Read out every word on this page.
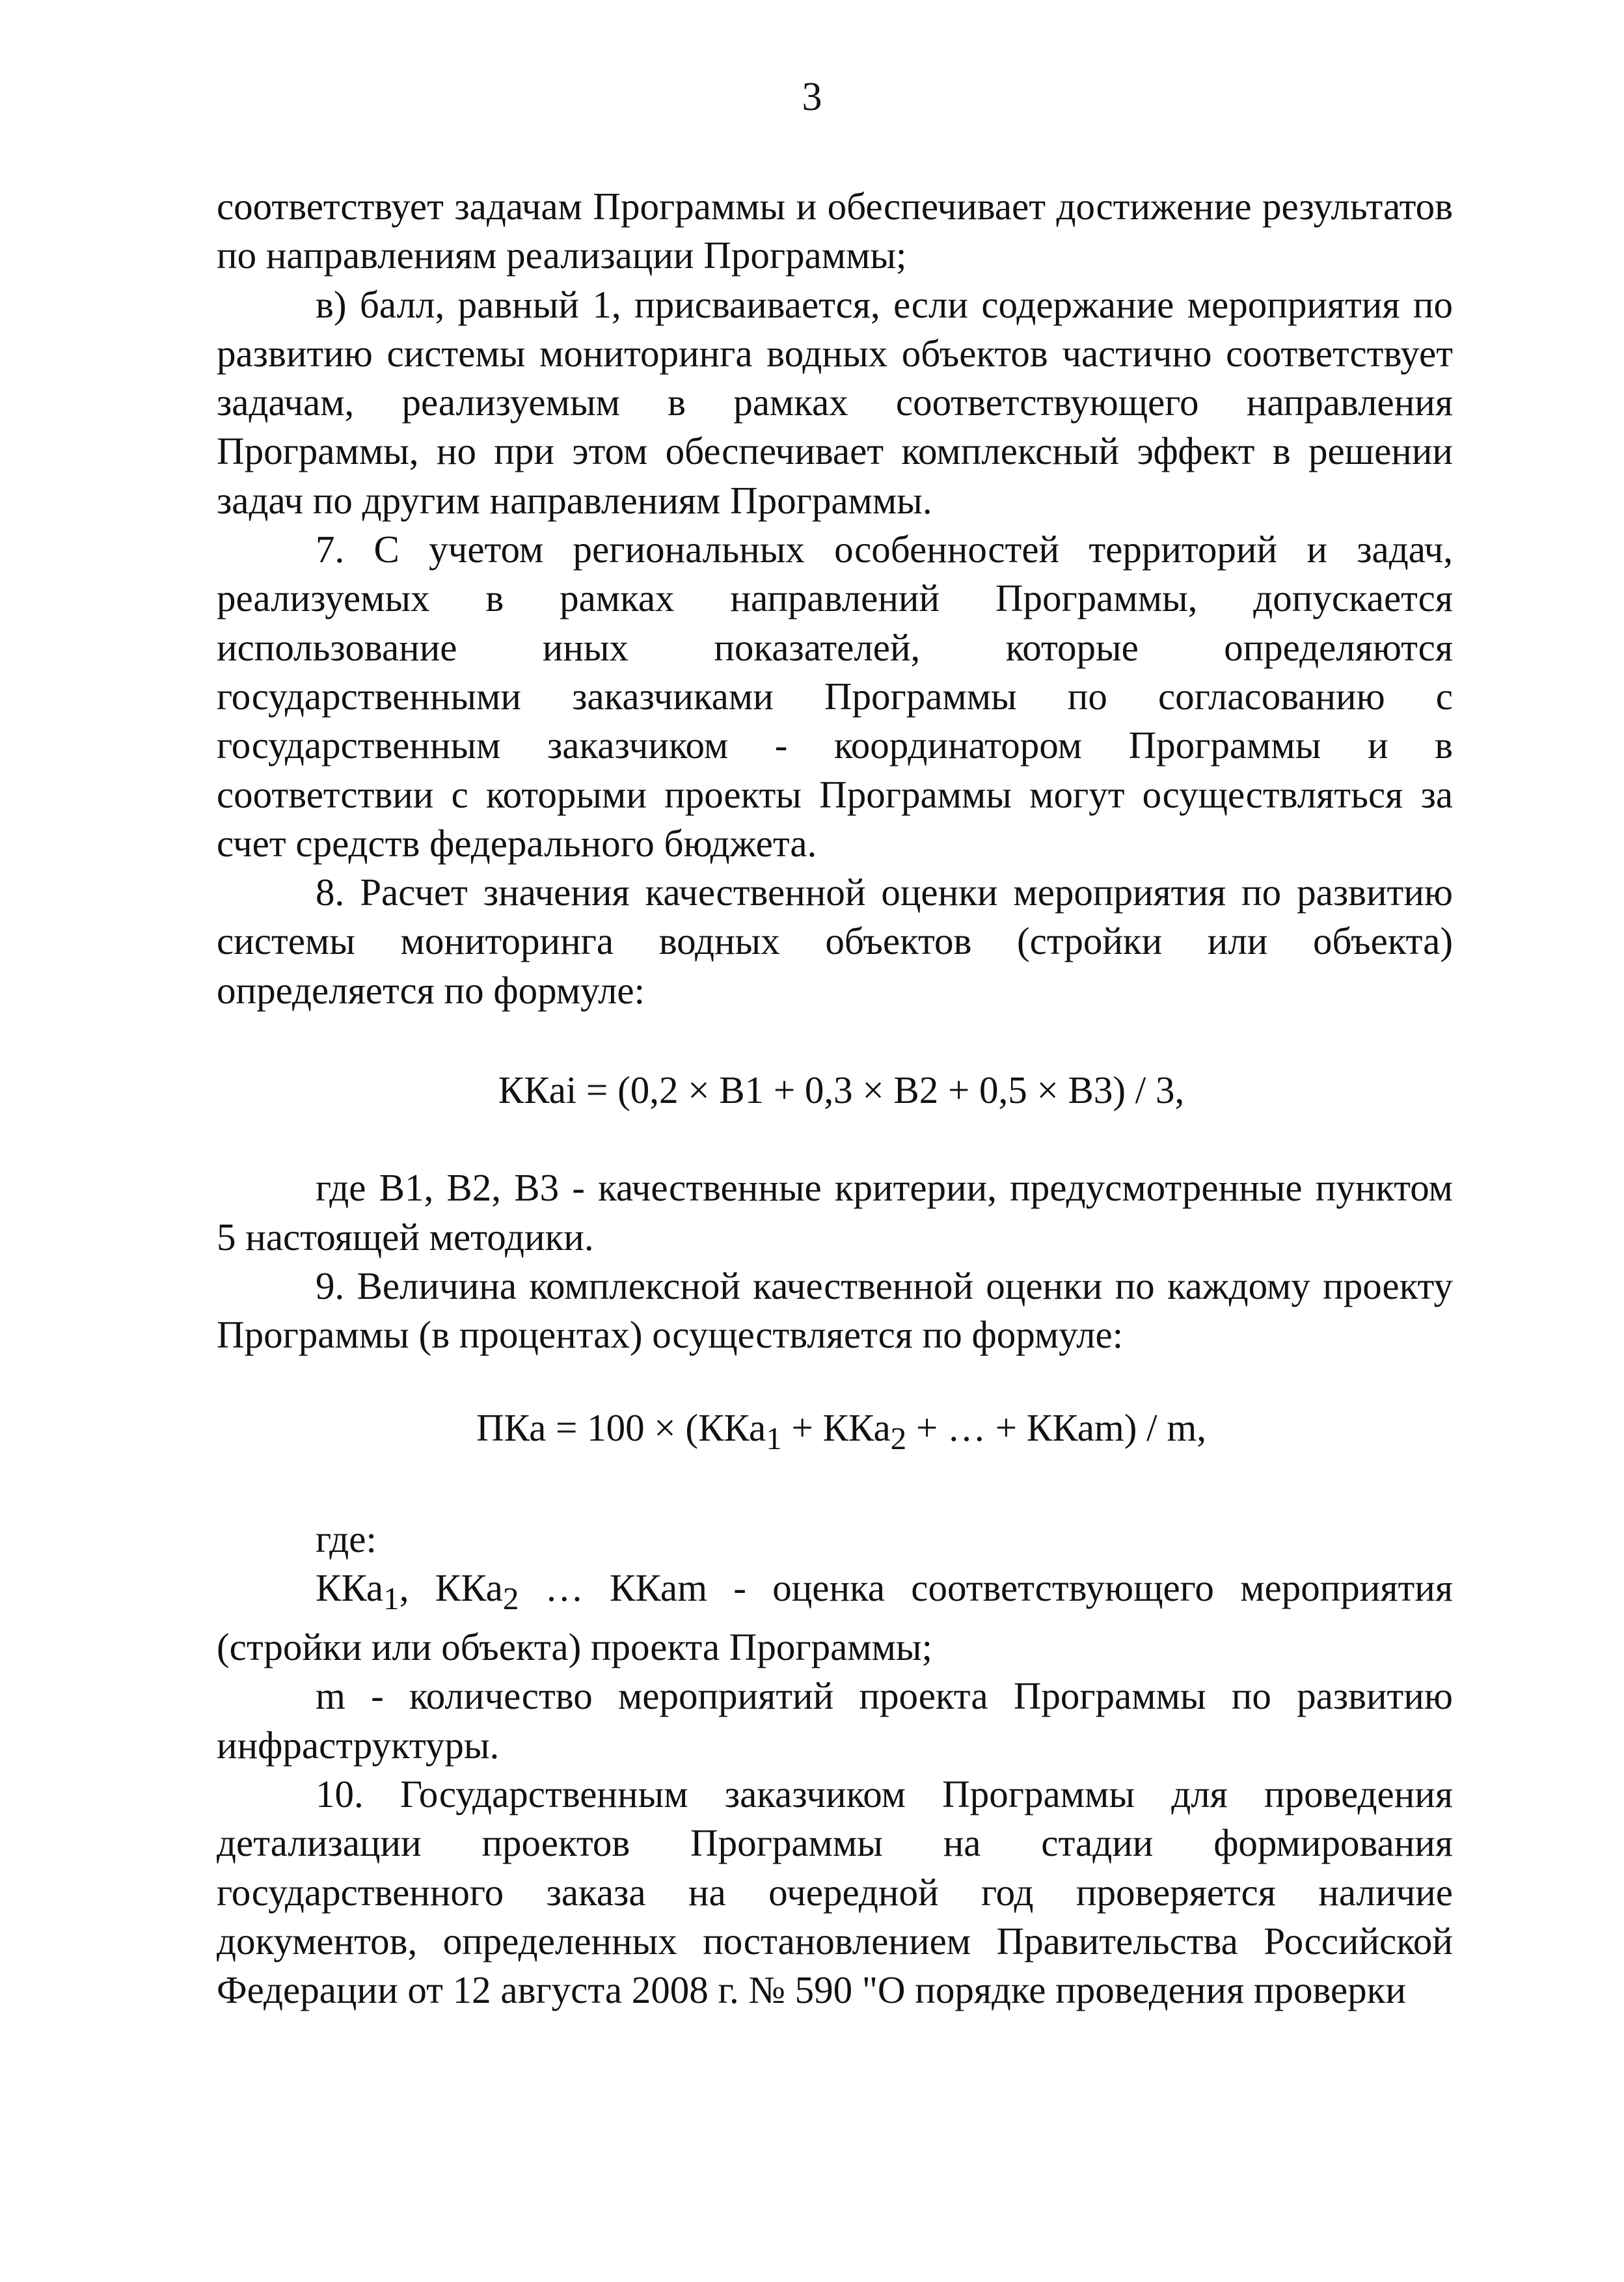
3

соответствует задачам Программы и обеспечивает достижение результатов по направлениям реализации Программы;

в) балл, равный 1, присваивается, если содержание мероприятия по развитию системы мониторинга водных объектов частично соответствует задачам, реализуемым в рамках соответствующего направления Программы, но при этом обеспечивает комплексный эффект в решении задач по другим направлениям Программы.

7. С учетом региональных особенностей территорий и задач, реализуемых в рамках направлений Программы, допускается использование иных показателей, которые определяются государственными заказчиками Программы по согласованию с государственным заказчиком - координатором Программы и в соответствии с которыми проекты Программы могут осуществляться за счет средств федерального бюджета.

8. Расчет значения качественной оценки мероприятия по развитию системы мониторинга водных объектов (стройки или объекта) определяется по формуле:

ККаi = (0,2 × В1 + 0,3 × В2 + 0,5 × В3) / 3,

где В1, В2, В3 - качественные критерии, предусмотренные пунктом 5 настоящей методики.

9. Величина комплексной качественной оценки по каждому проекту Программы (в процентах) осуществляется по формуле:

ПКа = 100 × (ККа$_1$ + ККа$_2$ + … + ККаm) / m,

где:

ККа$_1$, ККа$_2$ … ККаm - оценка соответствующего мероприятия (стройки или объекта) проекта Программы;

m - количество мероприятий проекта Программы по развитию инфраструктуры.

10. Государственным заказчиком Программы для проведения детализации проектов Программы на стадии формирования государственного заказа на очередной год проверяется наличие документов, определенных постановлением Правительства Российской Федерации от 12 августа 2008 г. № 590 "О порядке проведения проверки
